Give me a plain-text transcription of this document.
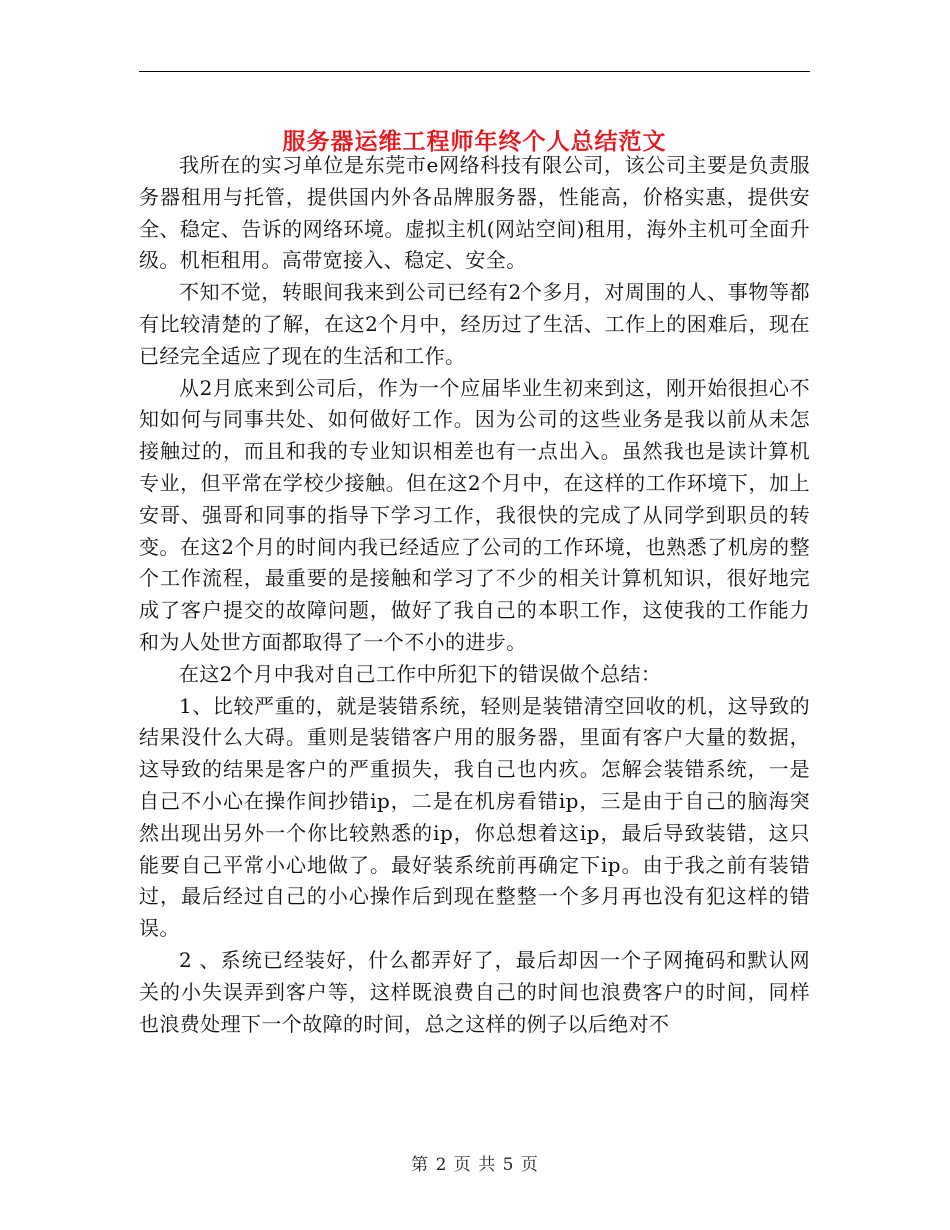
服务器运维工程师年终个人总结范文

我所在的实习单位是东莞市e网络科技有限公司，该公司主要是负责服务器租用与托管，提供国内外各品牌服务器，性能高，价格实惠，提供安全、稳定、告诉的网络环境。虚拟主机(网站空间)租用，海外主机可全面升级。机柜租用。高带宽接入、稳定、安全。

不知不觉，转眼间我来到公司已经有2个多月，对周围的人、事物等都有比较清楚的了解，在这2个月中，经历过了生活、工作上的困难后，现在已经完全适应了现在的生活和工作。

从2月底来到公司后，作为一个应届毕业生初来到这，刚开始很担心不知如何与同事共处、如何做好工作。因为公司的这些业务是我以前从未怎接触过的，而且和我的专业知识相差也有一点出入。虽然我也是读计算机专业，但平常在学校少接触。但在这2个月中，在这样的工作环境下，加上安哥、强哥和同事的指导下学习工作，我很快的完成了从同学到职员的转变。在这2个月的时间内我已经适应了公司的工作环境，也熟悉了机房的整个工作流程，最重要的是接触和学习了不少的相关计算机知识，很好地完成了客户提交的故障问题，做好了我自己的本职工作，这使我的工作能力和为人处世方面都取得了一个不小的进步。

在这2个月中我对自己工作中所犯下的错误做个总结：

1、比较严重的，就是装错系统，轻则是装错清空回收的机，这导致的结果没什么大碍。重则是装错客户用的服务器，里面有客户大量的数据，这导致的结果是客户的严重损失，我自己也内疚。怎解会装错系统，一是自己不小心在操作间抄错ip，二是在机房看错ip，三是由于自己的脑海突然出现出另外一个你比较熟悉的ip，你总想着这ip，最后导致装错，这只能要自己平常小心地做了。最好装系统前再确定下ip。由于我之前有装错过，最后经过自己的小心操作后到现在整整一个多月再也没有犯这样的错误。

2 、系统已经装好，什么都弄好了，最后却因一个子网掩码和默认网关的小失误弄到客户等，这样既浪费自己的时间也浪费客户的时间，同样也浪费处理下一个故障的时间，总之这样的例子以后绝对不

第 2 页 共 5 页
